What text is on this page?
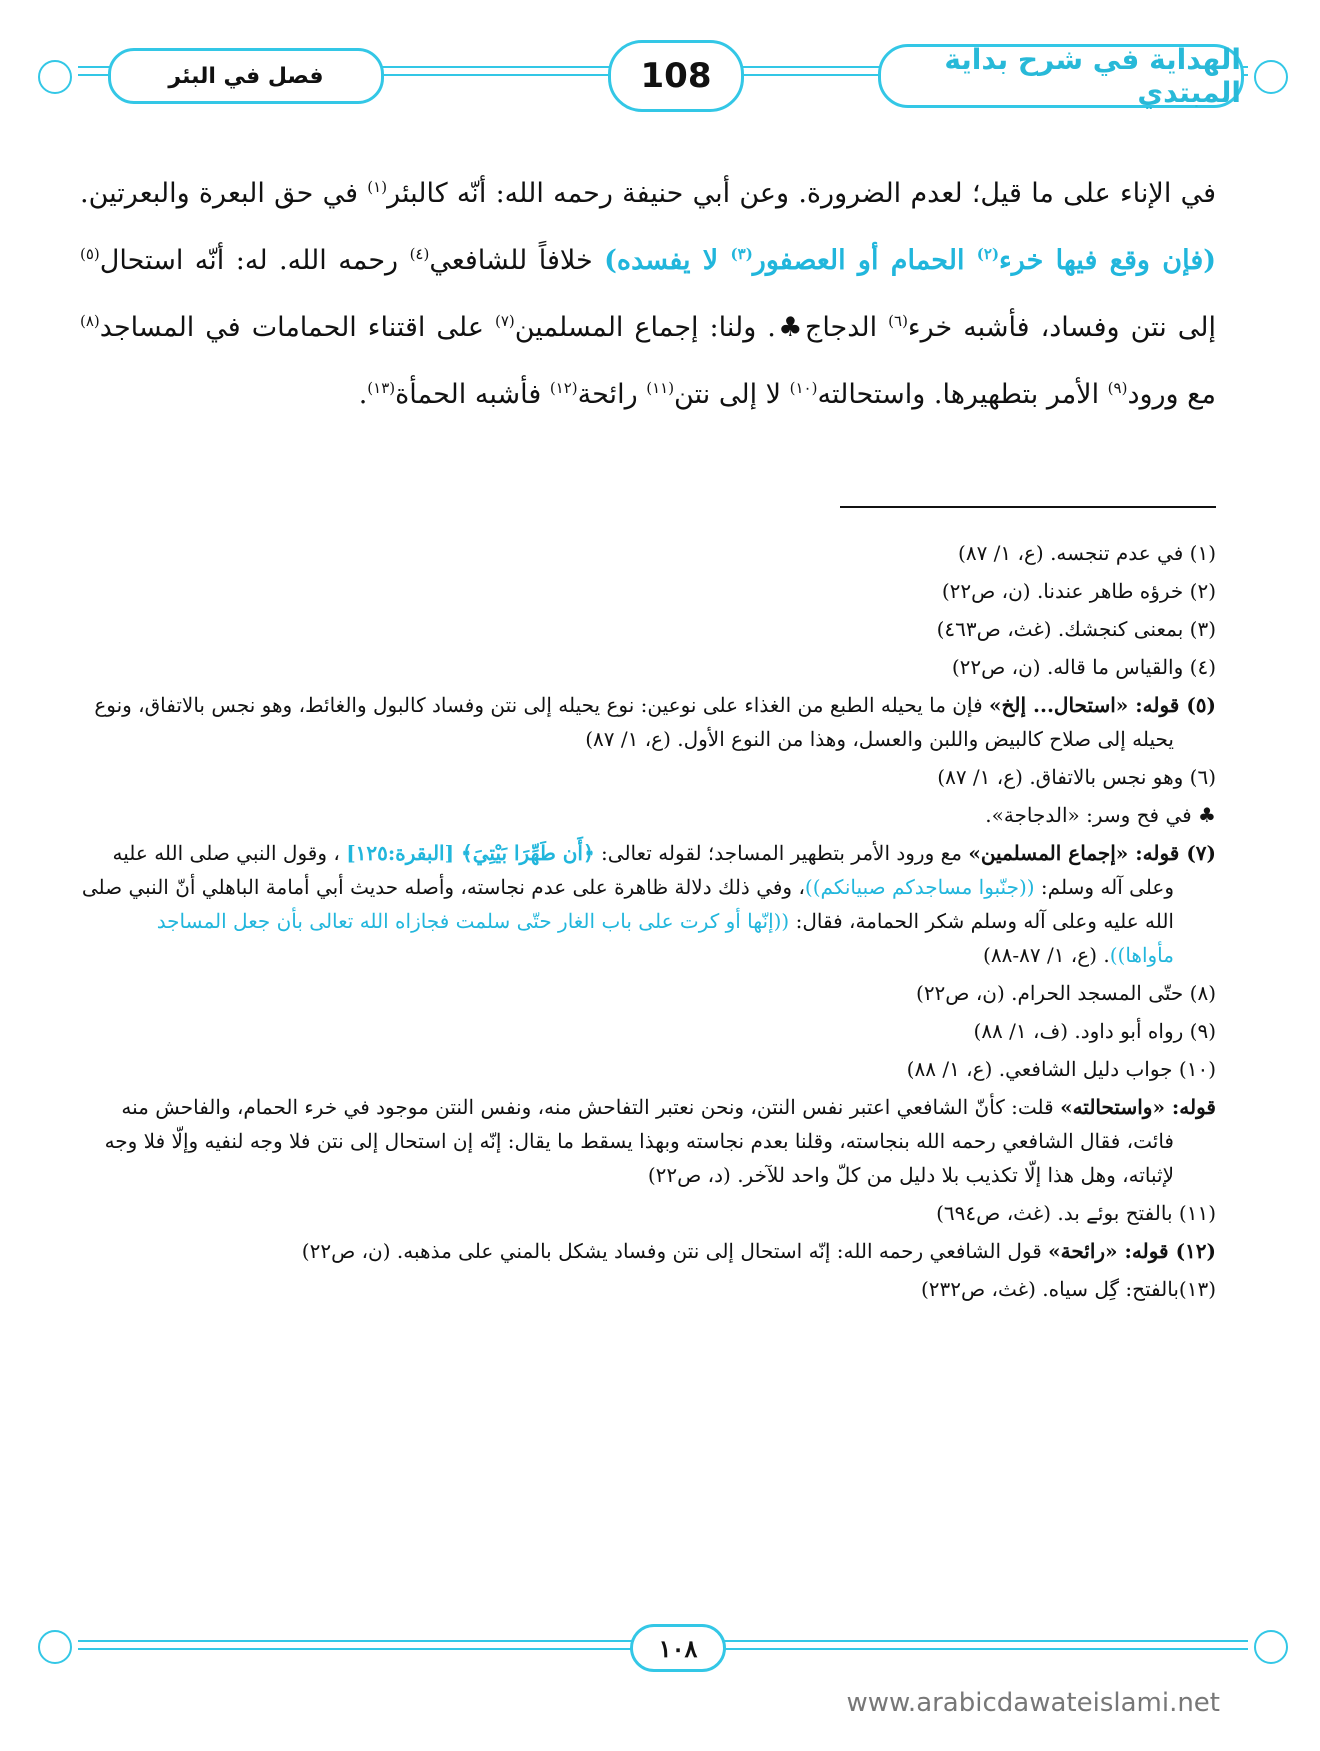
الهداية في شرح بداية المبتدي
108
فصل في البئر
في الإناء على ما قيل؛ لعدم الضرورة. وعن أبي حنيفة رحمه الله: أنّه كالبئر$^{(١)}$ في حق البعرة والبعرتين. (فإن وقع فيها خرء$^{(٢)}$ الحمام أو العصفور$^{(٣)}$ لا يفسده) خلافاً للشافعي$^{(٤)}$ رحمه الله. له: أنّه استحال$^{(٥)}$ إلى نتن وفساد، فأشبه خرء$^{(٦)}$ الدجاج♣. ولنا: إجماع المسلمين$^{(٧)}$ على اقتناء الحمامات في المساجد$^{(٨)}$ مع ورود$^{(٩)}$ الأمر بتطهيرها. واستحالته$^{(١٠)}$ لا إلى نتن$^{(١١)}$ رائحة$^{(١٢)}$ فأشبه الحمأة$^{(١٣)}$.
(١) في عدم تنجسه. (ع، ١/ ٨٧)
(٢) خرؤه طاهر عندنا. (ن، ص٢٢)
(٣) بمعنى كنجشك. (غث، ص٤٦٣)
(٤) والقياس ما قاله. (ن، ص٢٢)
(٥) قوله: «استحال... إلخ» فإن ما يحيله الطبع من الغذاء على نوعين: نوع يحيله إلى نتن وفساد كالبول والغائط، وهو نجس بالاتفاق، ونوع يحيله إلى صلاح كالبيض واللبن والعسل، وهذا من النوع الأول. (ع، ١/ ٨٧)
(٦) وهو نجس بالاتفاق. (ع، ١/ ٨٧)
♣ في فح وسر: «الدجاجة».
(٧) قوله: «إجماع المسلمين» مع ورود الأمر بتطهير المساجد؛ لقوله تعالى: ﴿أَن طَهِّرَا بَيْتِيَ﴾ [البقرة:١٢٥] ، وقول النبي صلى الله عليه وعلى آله وسلم: ((جنّبوا مساجدكم صبيانكم))، وفي ذلك دلالة ظاهرة على عدم نجاسته، وأصله حديث أبي أمامة الباهلي أنّ النبي صلى الله عليه وعلى آله وسلم شكر الحمامة، فقال: ((إنّها أو كرت على باب الغار حتّى سلمت فجازاه الله تعالى بأن جعل المساجد مأواها)). (ع، ١/ ٨٧-٨٨)
(٨) حتّى المسجد الحرام. (ن، ص٢٢)
(٩) رواه أبو داود. (ف، ١/ ٨٨)
(١٠) جواب دليل الشافعي. (ع، ١/ ٨٨)
قوله: «واستحالته» قلت: كأنّ الشافعي اعتبر نفس النتن، ونحن نعتبر التفاحش منه، ونفس النتن موجود في خرء الحمام، والفاحش منه فائت، فقال الشافعي رحمه الله بنجاسته، وقلنا بعدم نجاسته وبهذا يسقط ما يقال: إنّه إن استحال إلى نتن فلا وجه لنفيه وإلّا فلا وجه لإثباته، وهل هذا إلّا تكذيب بلا دليل من كلّ واحد للآخر. (د، ص٢٢)
(١١) بالفتح بوئے بد. (غث، ص٦٩٤)
(١٢) قوله: «رائحة» قول الشافعي رحمه الله: إنّه استحال إلى نتن وفساد يشكل بالمني على مذهبه. (ن، ص٢٢)
(١٣)بالفتح: گِل سياه. (غث، ص٢٣٢)
١٠٨
www.arabicdawateislami.net
